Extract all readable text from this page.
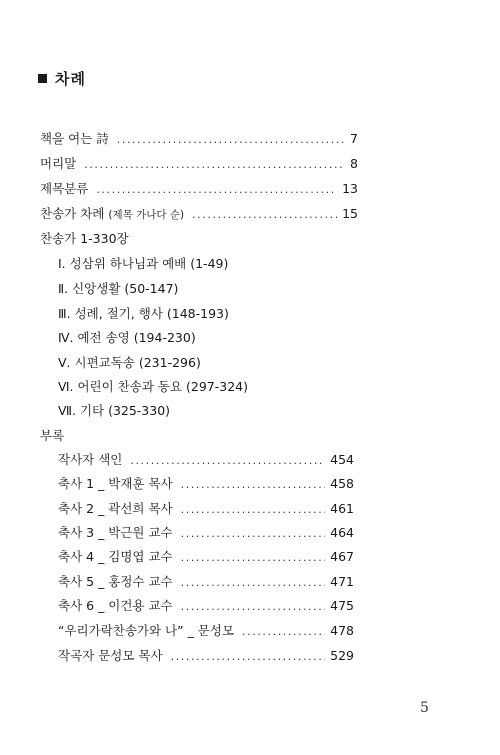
차례
책을 여는 詩 .....	7
머리말 .....	8
제목분류 .....	13
찬송가 차례 (제목 가나다 순) .....	15
찬송가 1-330장
Ⅰ. 성삼위 하나님과 예배 (1-49)
Ⅱ. 신앙생활 (50-147)
Ⅲ. 성례, 절기, 행사 (148-193)
Ⅳ. 예전 송영 (194-230)
Ⅴ. 시편교독송 (231-296)
Ⅵ. 어린이 찬송과 동요 (297-324)
Ⅶ. 기타 (325-330)
부록
작사자 색인 .....	454
축사 1 _ 박재훈 목사 .....	458
축사 2 _ 곽선희 목사 .....	461
축사 3 _ 박근원 교수 .....	464
축사 4 _ 김명엽 교수 .....	467
축사 5 _ 홍정수 교수 .....	471
축사 6 _ 이건용 교수 .....	475
“우리가락찬송가와 나” _ 문성모 .....	478
작곡자 문성모 목사 .....	529
5
